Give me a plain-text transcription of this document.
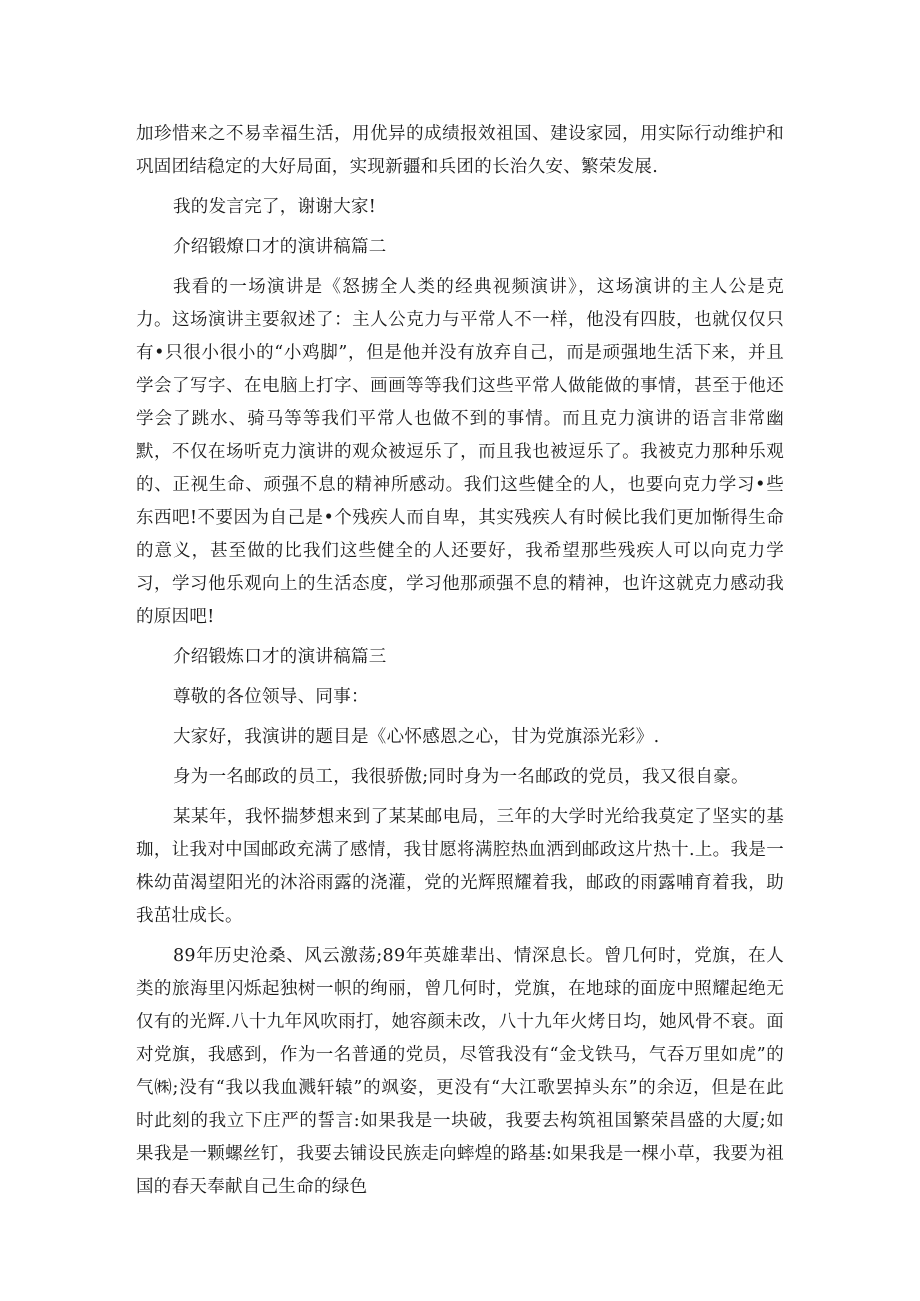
加珍惜来之不易幸福生活，用优异的成绩报效祖国、建设家园，用实际行动维护和巩固团结稳定的大好局面，实现新疆和兵团的长治久安、繁荣发展.

我的发言完了，谢谢大家!

介绍锻燎口才的演讲稿篇二

我看的一场演讲是《怒掳全人类的经典视频演讲》，这场演讲的主人公是克力。这场演讲主要叙述了：主人公克力与平常人不一样，他没有四肢，也就仅仅只有•只很小很小的“小鸡脚”，但是他并没有放弃自己，而是顽强地生活下来，并且学会了写字、在电脑上打字、画画等等我们这些平常人做能做的事情，甚至于他还学会了跳水、骑马等等我们平常人也做不到的事情。而且克力演讲的语言非常幽默，不仅在场听克力演讲的观众被逗乐了，而且我也被逗乐了。我被克力那种乐观的、正视生命、顽强不息的精神所感动。我们这些健全的人，也要向克力学习•些东西吧!不要因为自己是•个残疾人而自卑，其实残疾人有时候比我们更加惭得生命的意义，甚至做的比我们这些健全的人还要好，我希望那些残疾人可以向克力学习，学习他乐观向上的生活态度，学习他那顽强不息的精神，也许这就克力感动我的原因吧!

介绍锻炼口才的演讲稿篇三

尊敬的各位领导、同事：

大家好，我演讲的题目是《心怀感恩之心，甘为党旗添光彩》.

身为一名邮政的员工，我很骄傲;同时身为一名邮政的党员，我又很自豪。

某某年，我怀揣梦想来到了某某邮电局，三年的大学时光给我莫定了坚实的基珈，让我对中国邮政充满了感情，我甘愿将满腔热血洒到邮政这片热十.上。我是一株幼苗渴望阳光的沐浴雨露的浇灌，党的光辉照耀着我，邮政的雨露哺育着我，助我茁壮成长。

89年历史沧桑、风云激荡;89年英雄辈出、情深息长。曾几何时，党旗，在人类的旅海里闪烁起独树一帜的绚丽，曾几何时，党旗，在地球的面庞中照耀起绝无仅有的光辉.八十九年风吹雨打，她容颜未改，八十九年火烤日均，她风骨不衰。面对党旗，我感到，作为一名普通的党员，尽管我没有“金戈铁马，气吞万里如虎”的气㈱;没有“我以我血溅轩辕”的飒姿，更没有“大江歌罢掉头东”的余迈，但是在此时此刻的我立下庄严的誓言:如果我是一块破，我要去构筑祖国繁荣昌盛的大厦;如果我是一颗螺丝钉，我要去铺设民族走向蟀煌的路基:如果我是一棵小草，我要为祖国的春天奉献自己生命的绿色
